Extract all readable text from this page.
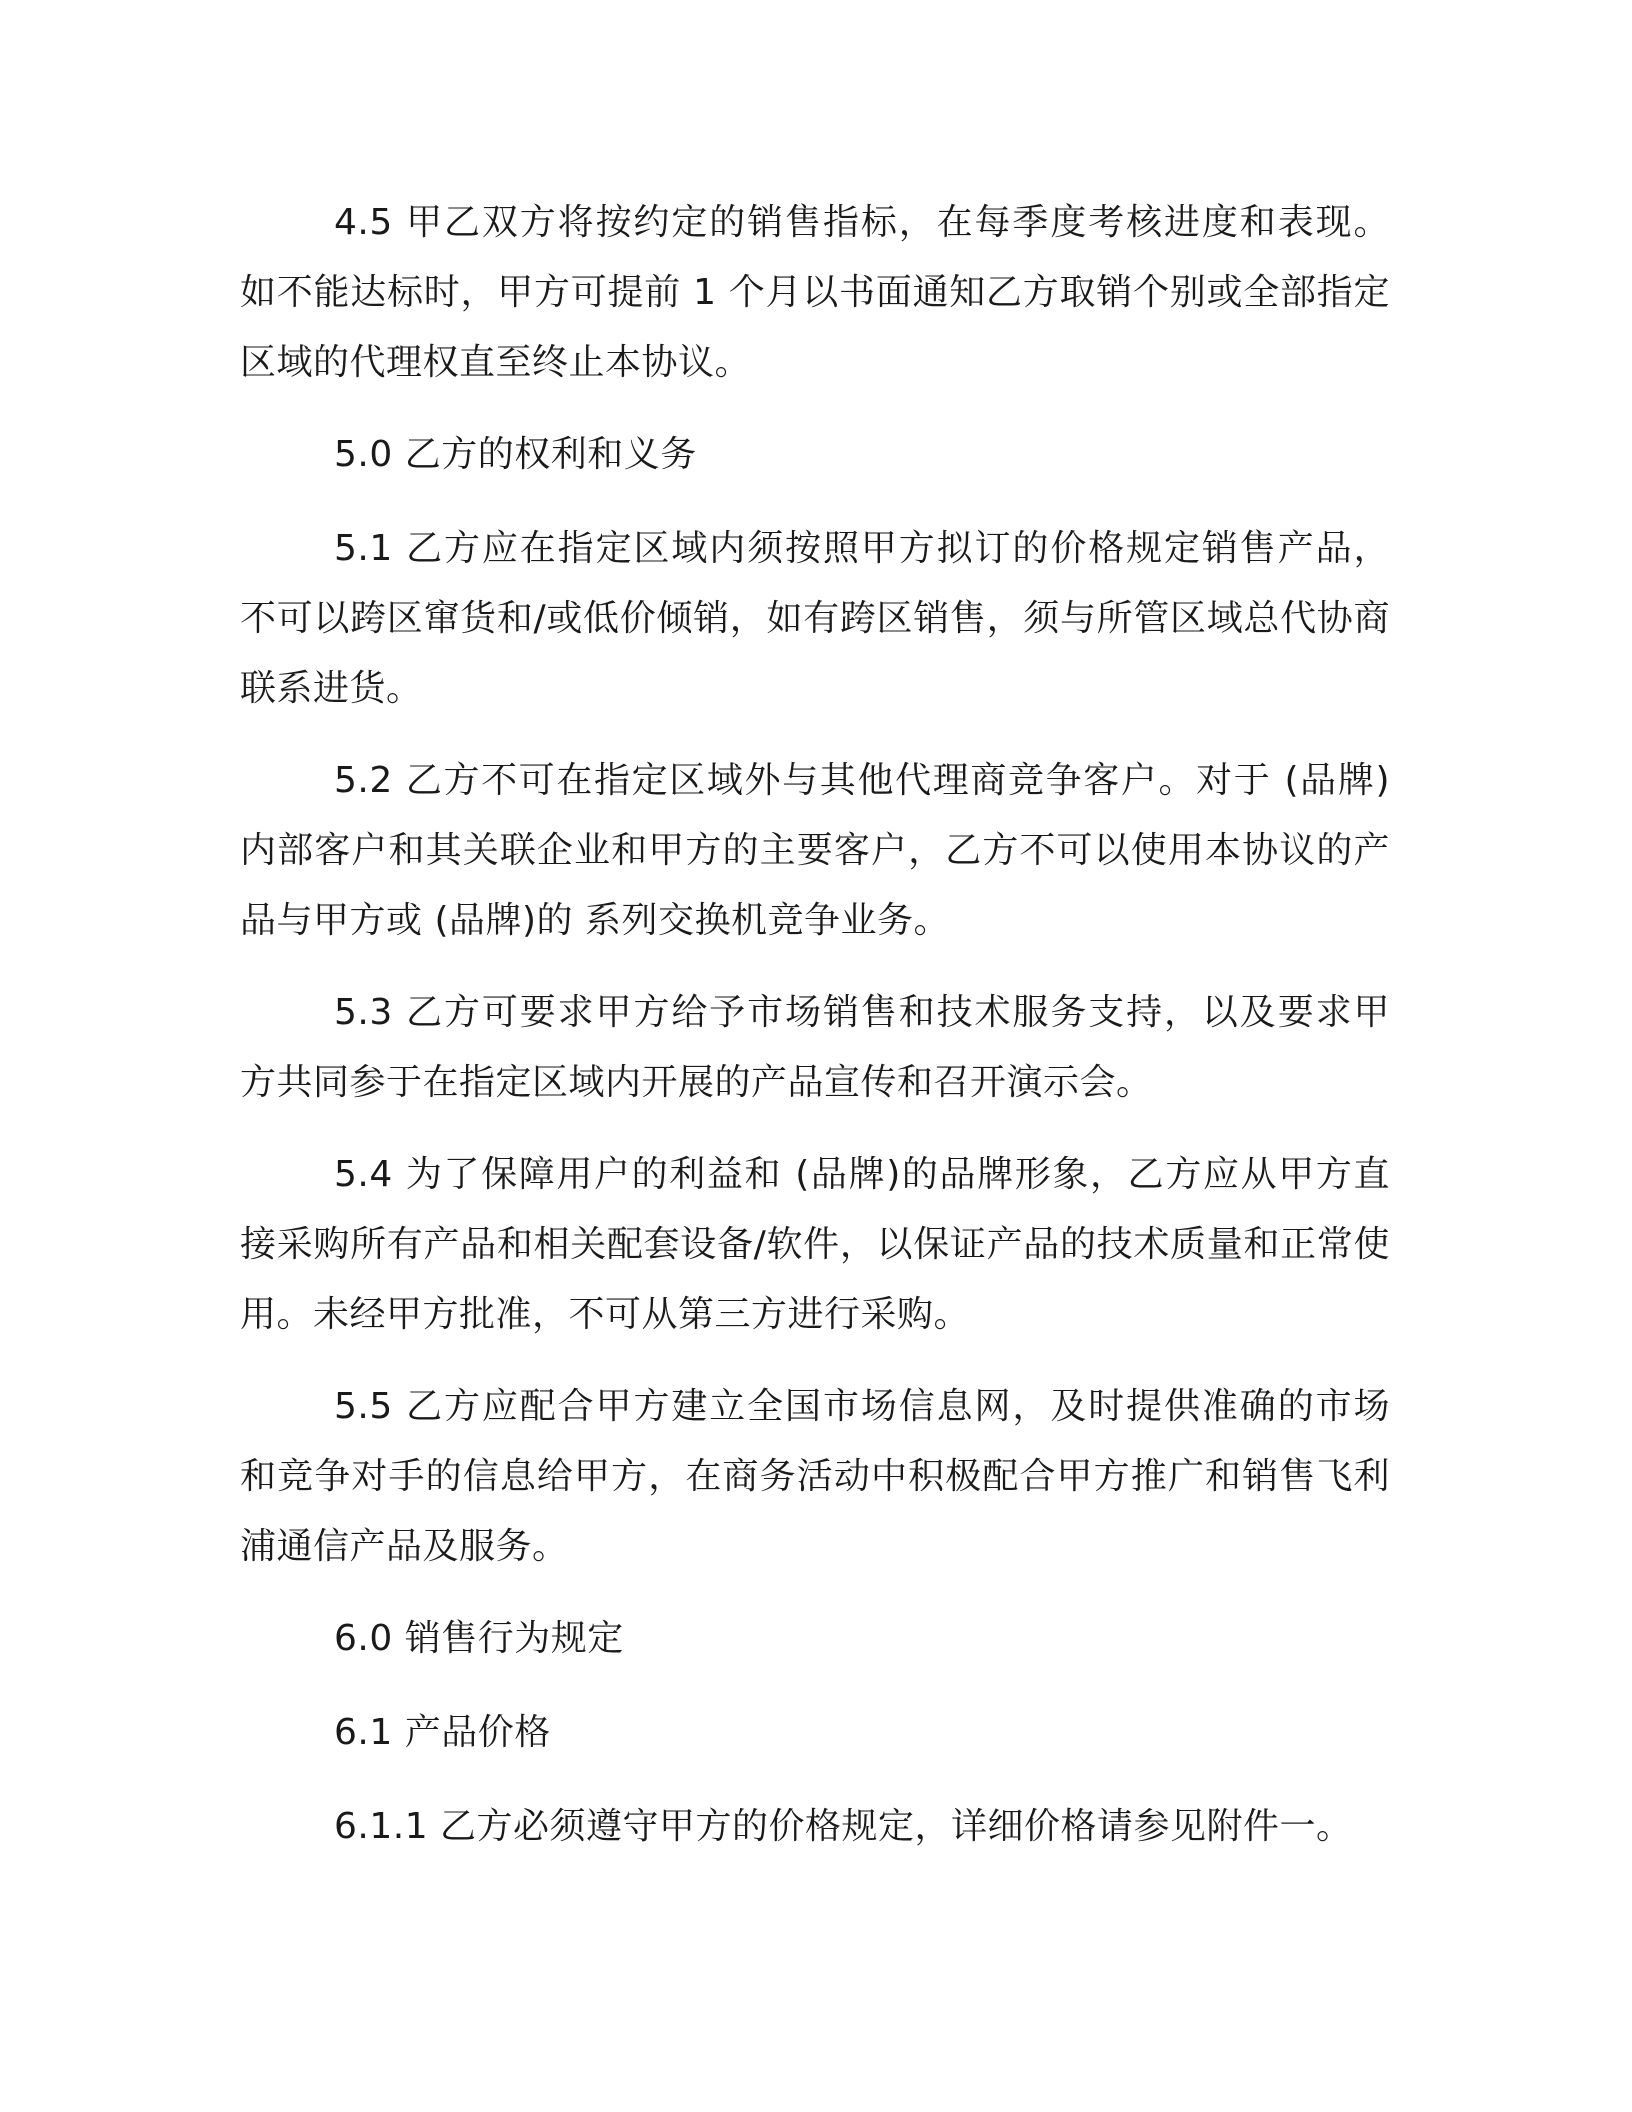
4.5 甲乙双方将按约定的销售指标，在每季度考核进度和表现。如不能达标时，甲方可提前 1 个月以书面通知乙方取销个别或全部指定区域的代理权直至终止本协议。

5.0 乙方的权利和义务

5.1 乙方应在指定区域内须按照甲方拟订的价格规定销售产品，不可以跨区窜货和/或低价倾销，如有跨区销售，须与所管区域总代协商联系进货。

5.2 乙方不可在指定区域外与其他代理商竞争客户。对于 (品牌) 内部客户和其关联企业和甲方的主要客户，乙方不可以使用本协议的产品与甲方或 (品牌)的 系列交换机竞争业务。

5.3 乙方可要求甲方给予市场销售和技术服务支持，以及要求甲方共同参于在指定区域内开展的产品宣传和召开演示会。

5.4 为了保障用户的利益和 (品牌)的品牌形象，乙方应从甲方直接采购所有产品和相关配套设备/软件，以保证产品的技术质量和正常使用。未经甲方批准，不可从第三方进行采购。

5.5 乙方应配合甲方建立全国市场信息网，及时提供准确的市场和竞争对手的信息给甲方，在商务活动中积极配合甲方推广和销售飞利浦通信产品及服务。

6.0 销售行为规定

6.1 产品价格

6.1.1 乙方必须遵守甲方的价格规定，详细价格请参见附件一。
